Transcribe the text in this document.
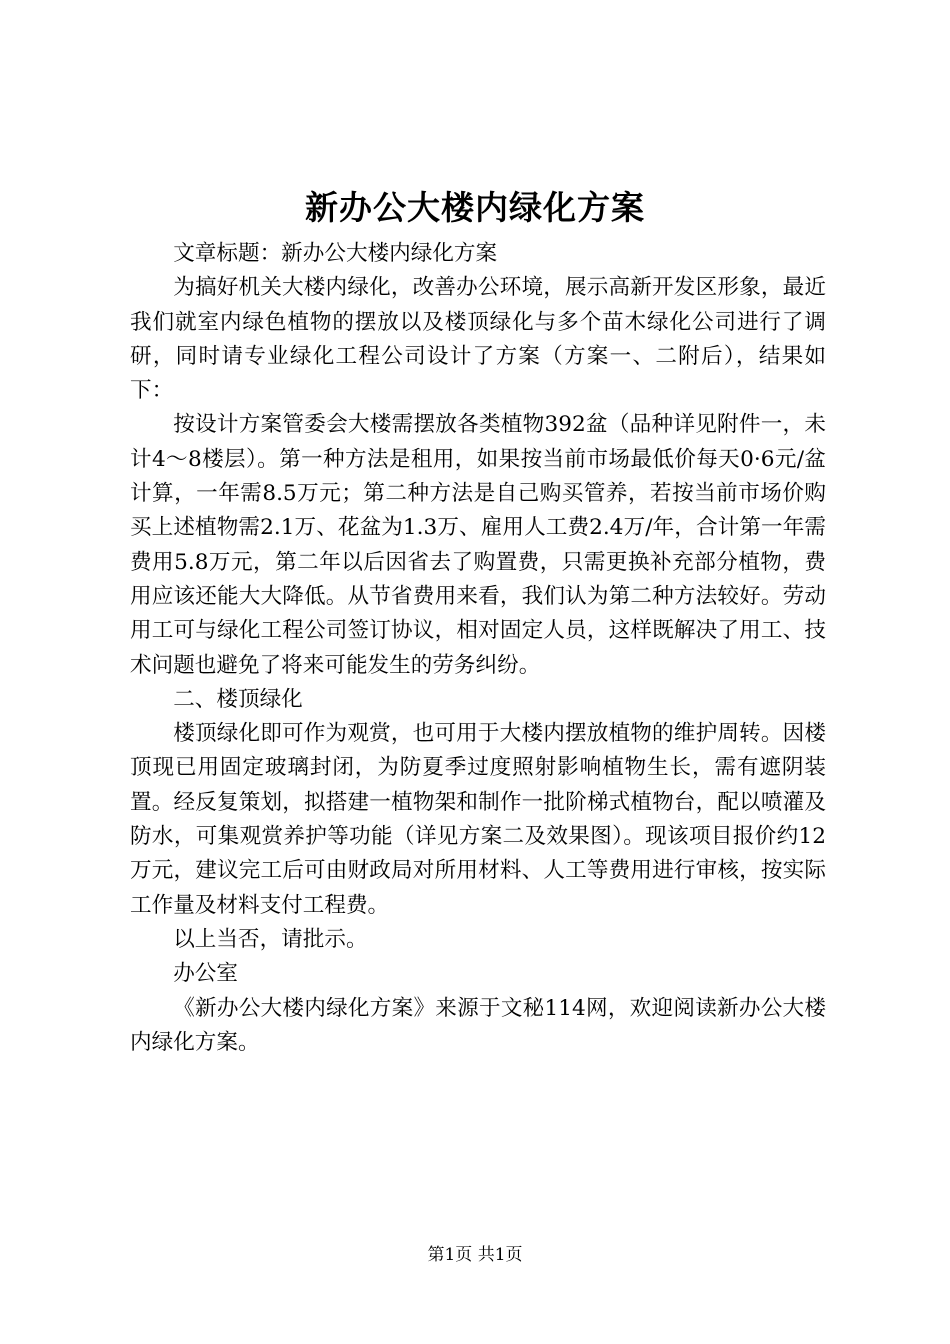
新办公大楼内绿化方案

文章标题：新办公大楼内绿化方案

为搞好机关大楼内绿化，改善办公环境，展示高新开发区形象，最近我们就室内绿色植物的摆放以及楼顶绿化与多个苗木绿化公司进行了调研，同时请专业绿化工程公司设计了方案（方案一、二附后），结果如下：

按设计方案管委会大楼需摆放各类植物392盆（品种详见附件一，未计4～8楼层）。第一种方法是租用，如果按当前市场最低价每天0·6元/盆计算，一年需8.5万元；第二种方法是自己购买管养，若按当前市场价购买上述植物需2.1万、花盆为1.3万、雇用人工费2.4万/年，合计第一年需费用5.8万元，第二年以后因省去了购置费，只需更换补充部分植物，费用应该还能大大降低。从节省费用来看，我们认为第二种方法较好。劳动用工可与绿化工程公司签订协议，相对固定人员，这样既解决了用工、技术问题也避免了将来可能发生的劳务纠纷。

二、楼顶绿化

楼顶绿化即可作为观赏，也可用于大楼内摆放植物的维护周转。因楼顶现已用固定玻璃封闭，为防夏季过度照射影响植物生长，需有遮阴装置。经反复策划，拟搭建一植物架和制作一批阶梯式植物台，配以喷灌及防水，可集观赏养护等功能（详见方案二及效果图）。现该项目报价约12万元，建议完工后可由财政局对所用材料、人工等费用进行审核，按实际工作量及材料支付工程费。

以上当否，请批示。

办公室

《新办公大楼内绿化方案》来源于文秘114网，欢迎阅读新办公大楼内绿化方案。

第1页 共1页
